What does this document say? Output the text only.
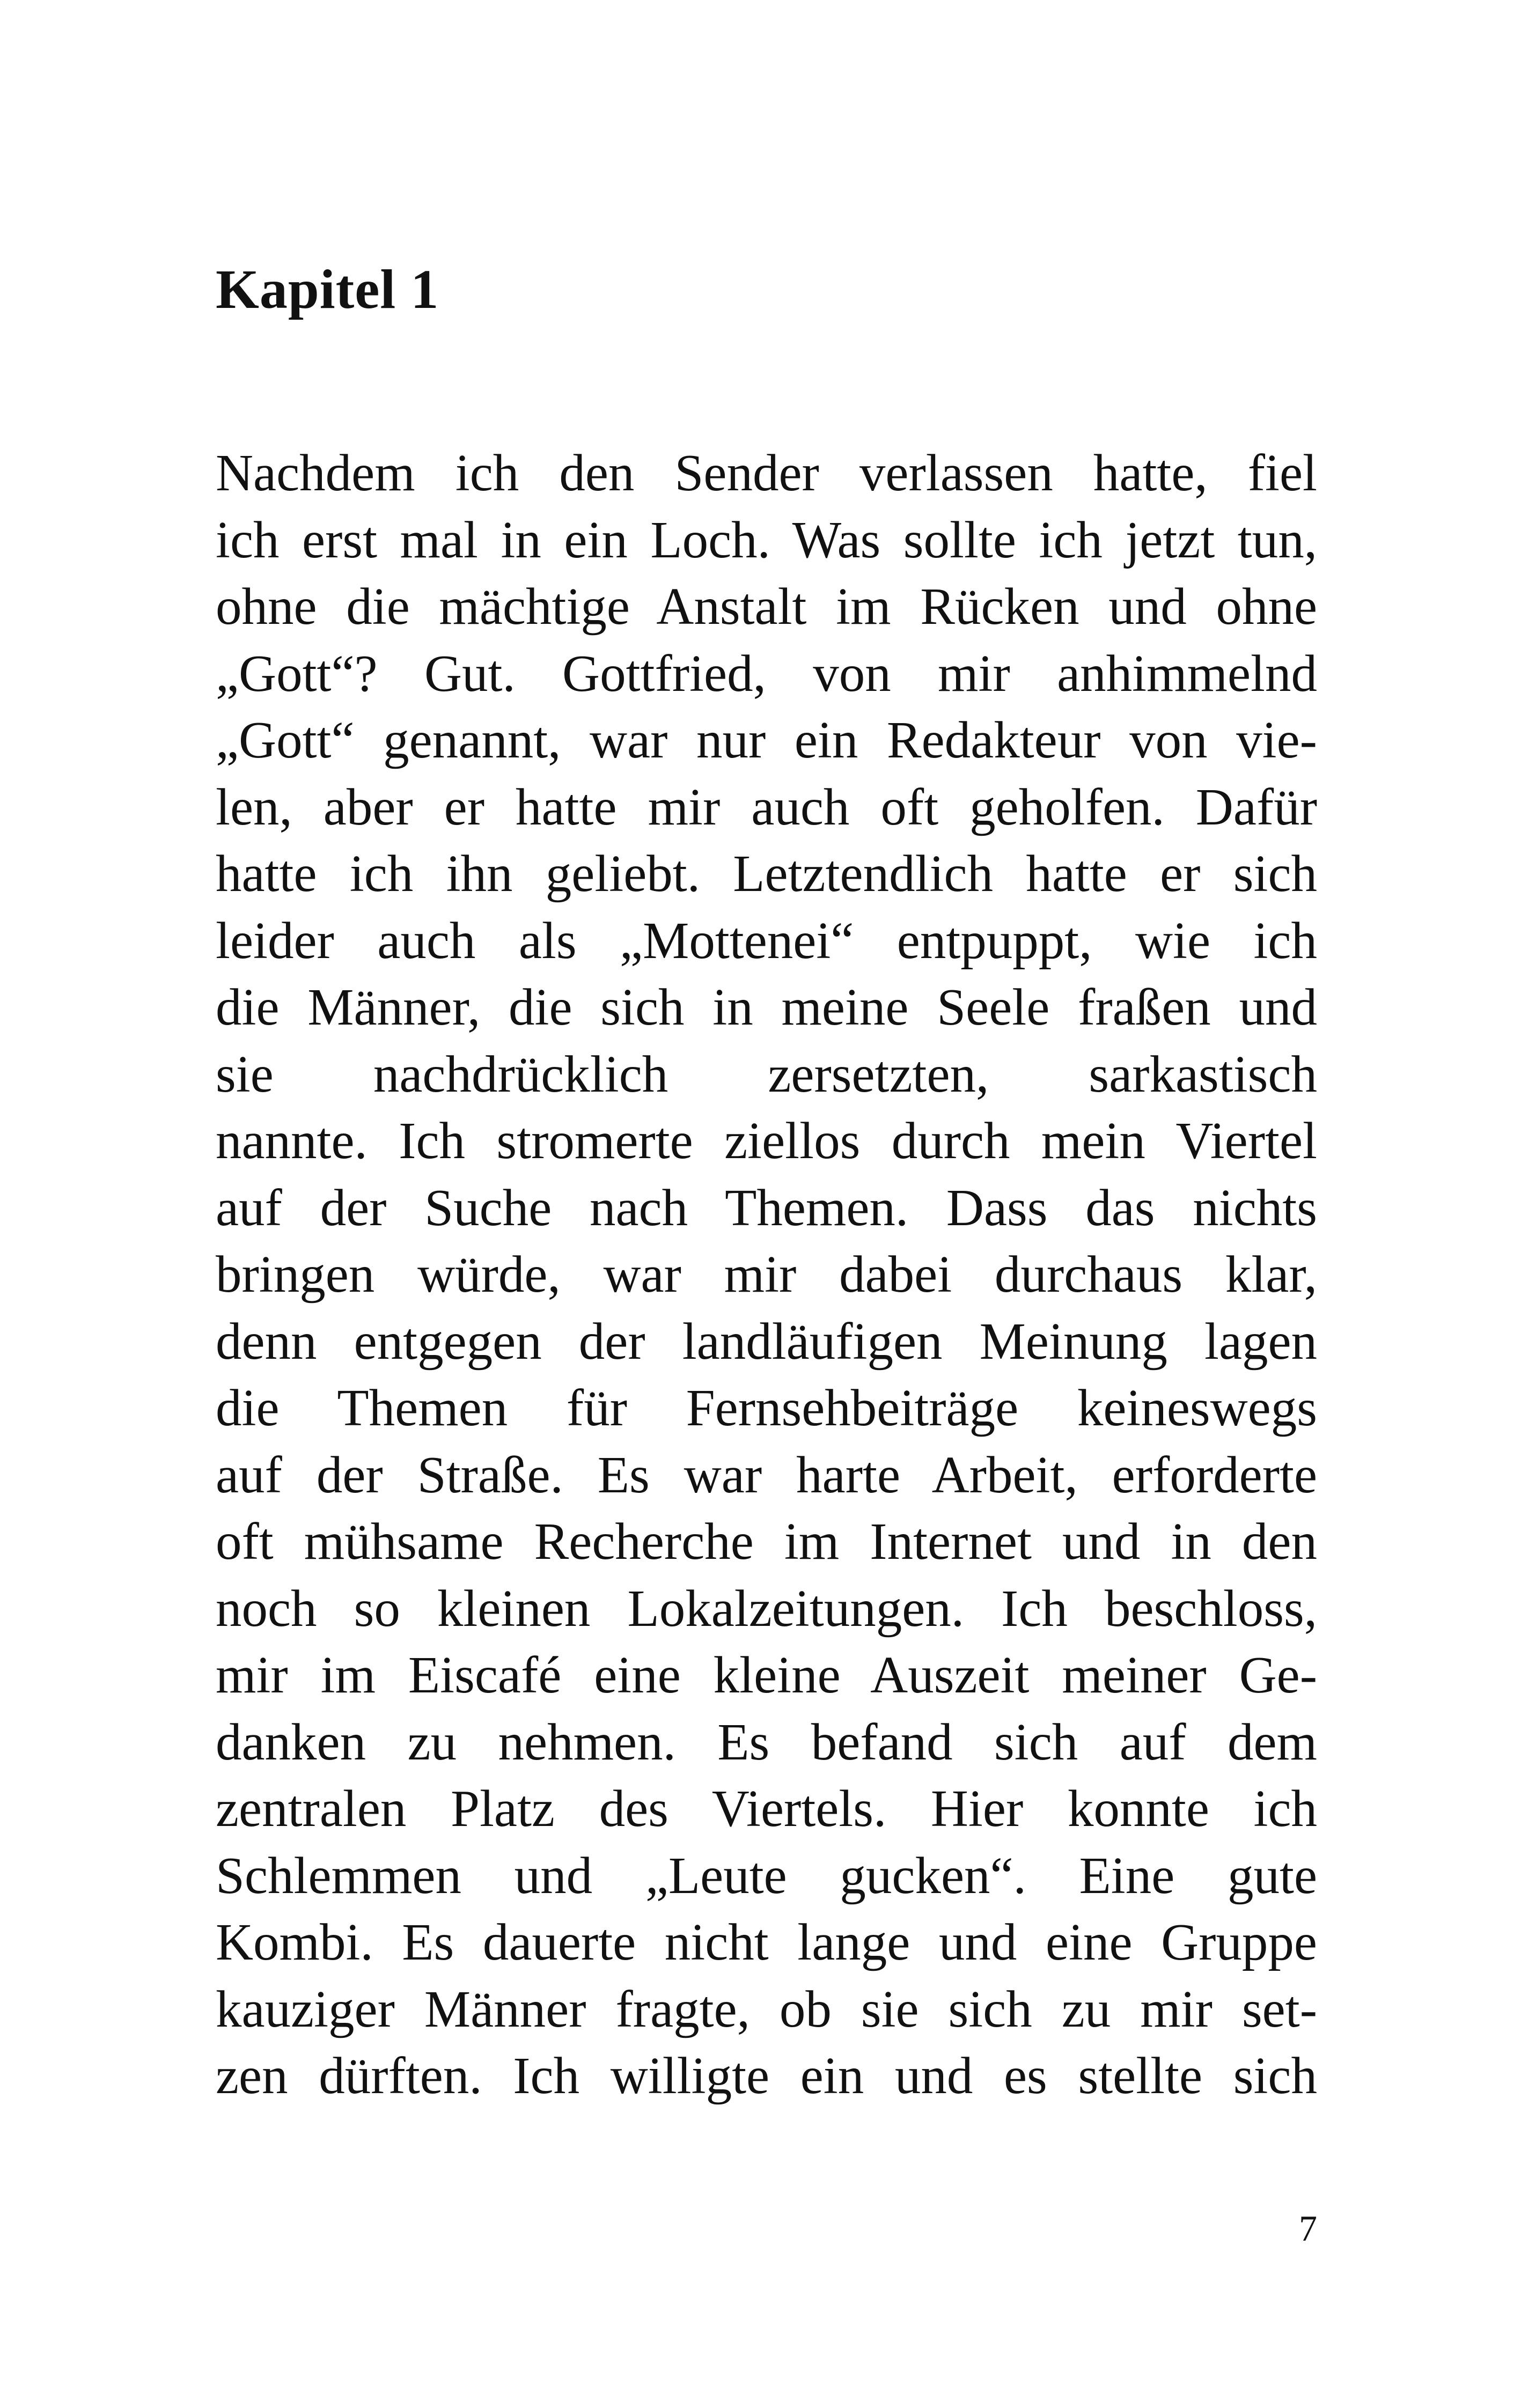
Kapitel 1
Nachdem ich den Sender verlassen hatte, fiel
ich erst mal in ein Loch. Was sollte ich jetzt tun,
ohne die mächtige Anstalt im Rücken und ohne
„Gott“? Gut. Gottfried, von mir anhimmelnd
„Gott“ genannt, war nur ein Redakteur von vie-
len, aber er hatte mir auch oft geholfen. Dafür
hatte ich ihn geliebt. Letztendlich hatte er sich
leider auch als „Mottenei“ entpuppt, wie ich
die Männer, die sich in meine Seele fraßen und
sie nachdrücklich zersetzten, sarkastisch
nannte. Ich stromerte ziellos durch mein Viertel
auf der Suche nach Themen. Dass das nichts
bringen würde, war mir dabei durchaus klar,
denn entgegen der landläufigen Meinung lagen
die Themen für Fernsehbeiträge keineswegs
auf der Straße. Es war harte Arbeit, erforderte
oft mühsame Recherche im Internet und in den
noch so kleinen Lokalzeitungen. Ich beschloss,
mir im Eiscafé eine kleine Auszeit meiner Ge-
danken zu nehmen. Es befand sich auf dem
zentralen Platz des Viertels. Hier konnte ich
Schlemmen und „Leute gucken“. Eine gute
Kombi. Es dauerte nicht lange und eine Gruppe
kauziger Männer fragte, ob sie sich zu mir set-
zen dürften. Ich willigte ein und es stellte sich
7
